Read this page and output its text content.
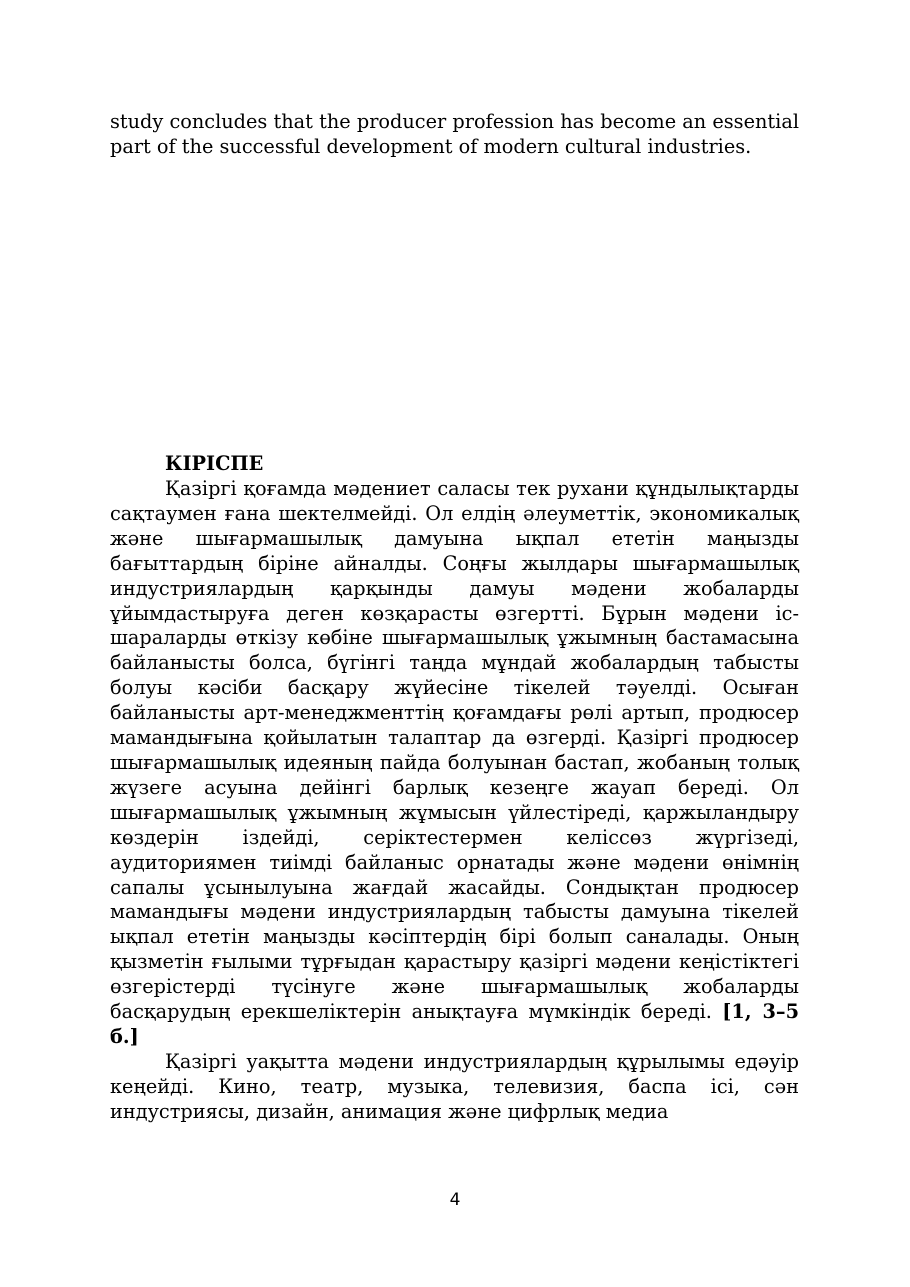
study concludes that the producer profession has become an essential part of the successful development of modern cultural industries.

КІРІСПЕ

Қазіргі қоғамда мәдениет саласы тек рухани құндылықтарды сақтаумен ғана шектелмейді. Ол елдің әлеуметтік, экономикалық және шығармашылық дамуына ықпал ететін маңызды бағыттардың біріне айналды. Соңғы жылдары шығармашылық индустриялардың қарқынды дамуы мәдени жобаларды ұйымдастыруға деген көзқарасты өзгертті. Бұрын мәдени іс-шараларды өткізу көбіне шығармашылық ұжымның бастамасына байланысты болса, бүгінгі таңда мұндай жобалардың табысты болуы кәсіби басқару жүйесіне тікелей тәуелді. Осыған байланысты арт-менеджменттің қоғамдағы рөлі артып, продюсер мамандығына қойылатын талаптар да өзгерді. Қазіргі продюсер шығармашылық идеяның пайда болуынан бастап, жобаның толық жүзеге асуына дейінгі барлық кезеңге жауап береді. Ол шығармашылық ұжымның жұмысын үйлестіреді, қаржыландыру көздерін іздейді, серіктестермен келіссөз жүргізеді, аудиториямен тиімді байланыс орнатады және мәдени өнімнің сапалы ұсынылуына жағдай жасайды. Сондықтан продюсер мамандығы мәдени индустриялардың табысты дамуына тікелей ықпал ететін маңызды кәсіптердің бірі болып саналады. Оның қызметін ғылыми тұрғыдан қарастыру қазіргі мәдени кеңістіктегі өзгерістерді түсінуге және шығармашылық жобаларды басқарудың ерекшеліктерін анықтауға мүмкіндік береді. [1, 3–5 б.]

Қазіргі уақытта мәдени индустриялардың құрылымы едәуір кеңейді. Кино, театр, музыка, телевизия, баспа ісі, сән индустриясы, дизайн, анимация және цифрлық медиа

4
